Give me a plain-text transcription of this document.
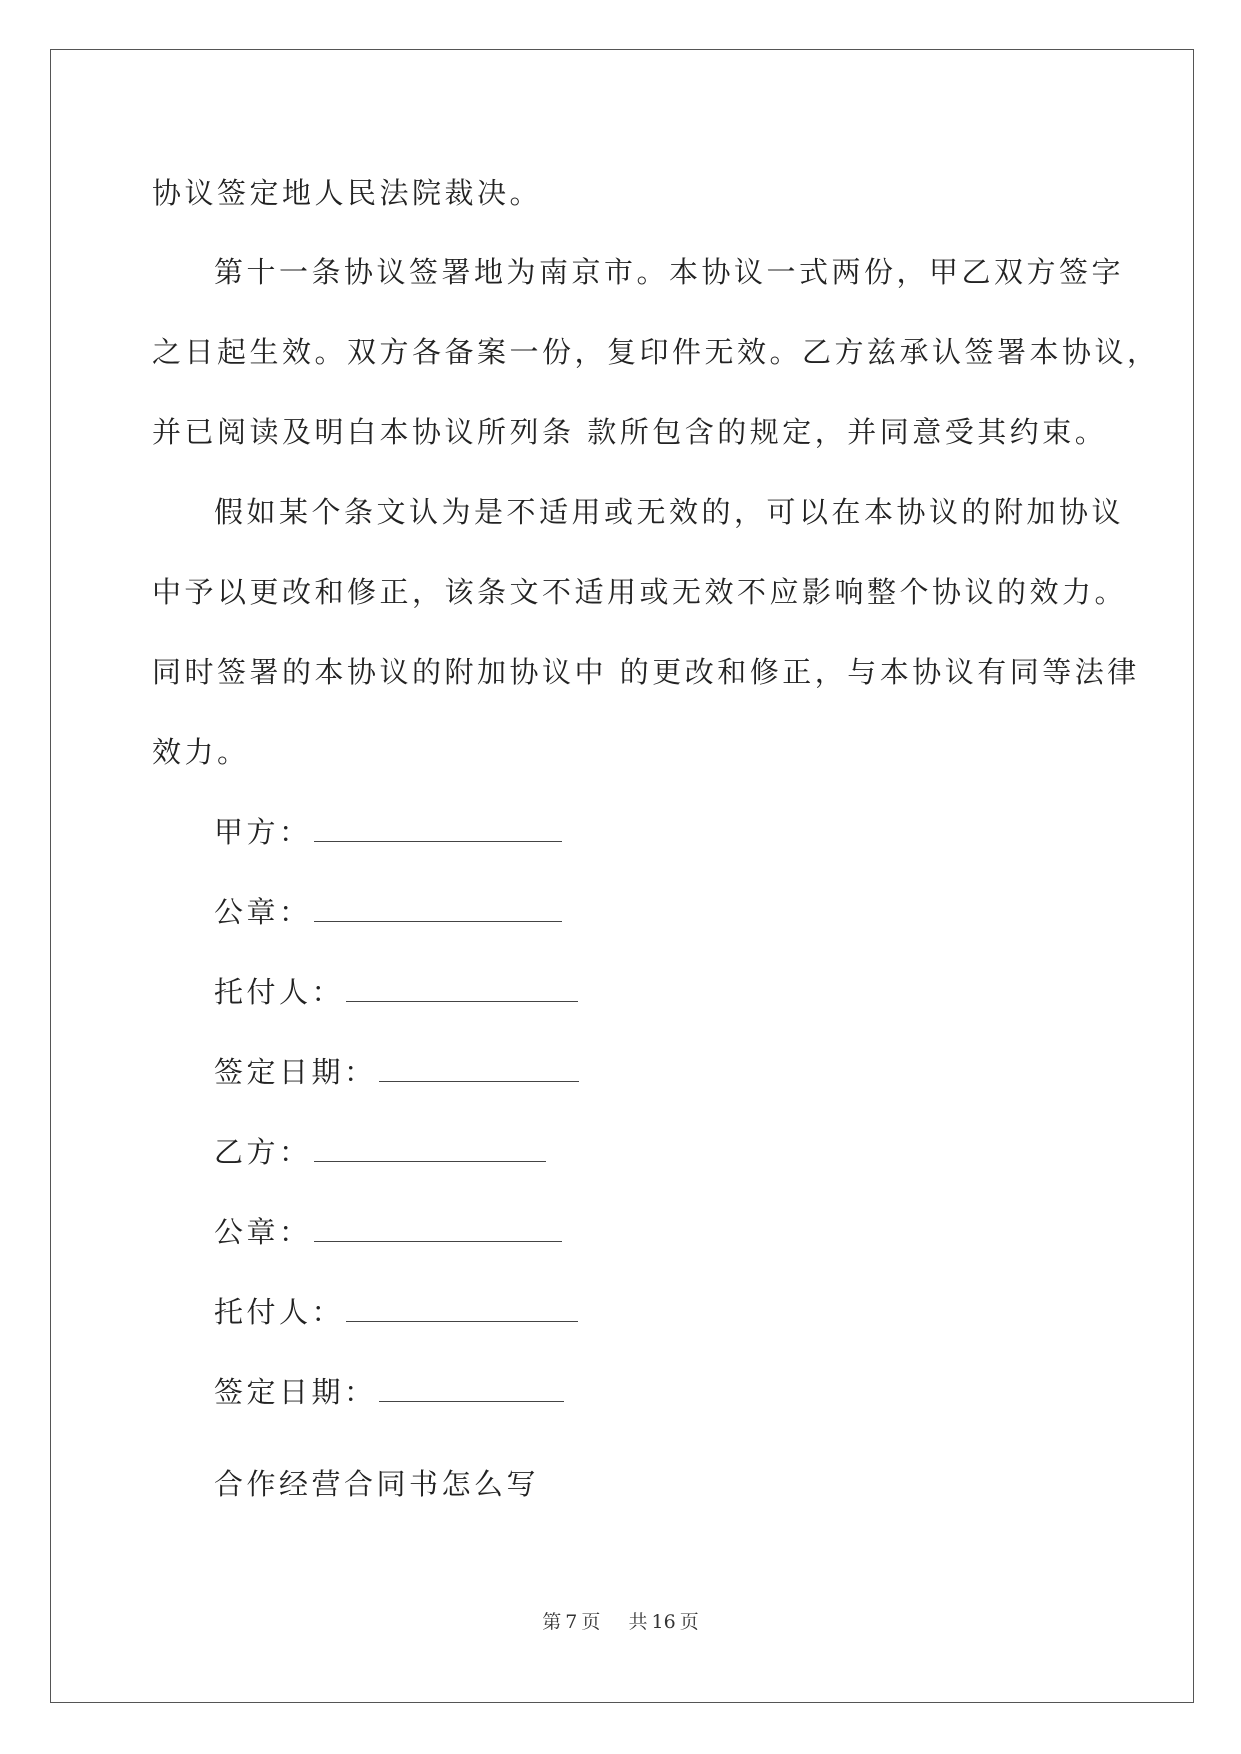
协议签定地人民法院裁决。
第十一条协议签署地为南京市。本协议一式两份，甲乙双方签字
之日起生效。双方各备案一份，复印件无效。乙方兹承认签署本协议，
并已阅读及明白本协议所列条 款所包含的规定，并同意受其约束。
假如某个条文认为是不适用或无效的，可以在本协议的附加协议
中予以更改和修正，该条文不适用或无效不应影响整个协议的效力。
同时签署的本协议的附加协议中 的更改和修正，与本协议有同等法律
效力。
甲方：
公章：
托付人：
签定日期：
乙方：
公章：
托付人：
签定日期：
合作经营合同书怎么写
第 7 页 共 16 页
